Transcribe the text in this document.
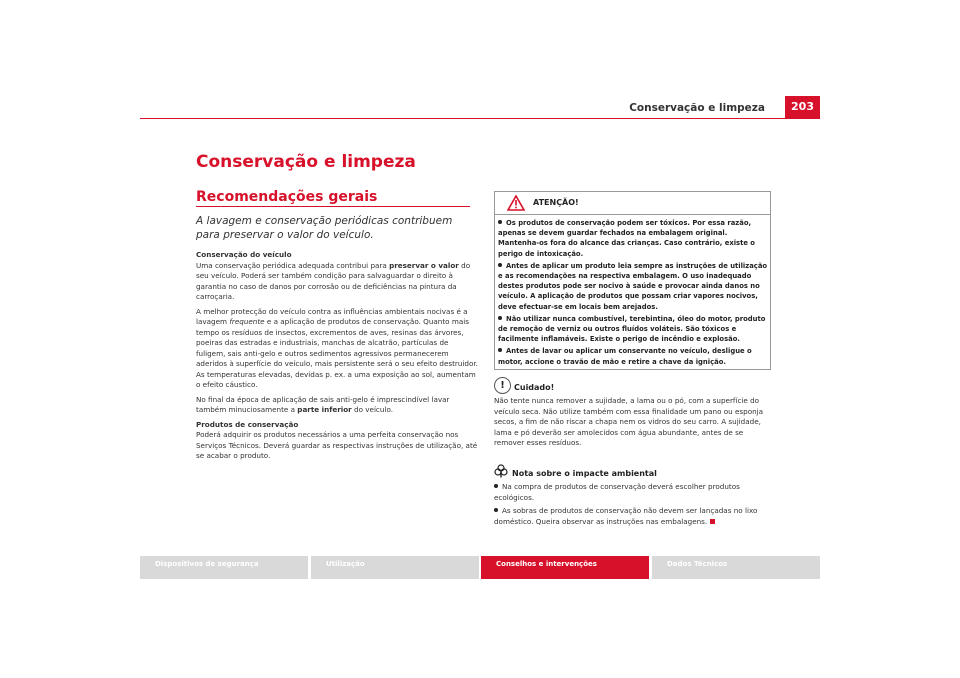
Conservação e limpeza	203
Conservação e limpeza
Recomendações gerais

A lavagem e conservação periódicas contribuem para preservar o valor do veículo.

Conservação do veículo

Uma conservação periódica adequada contribui para preservar o valor do seu veículo. Poderá ser também condição para salvaguardar o direito à garantia no caso de danos por corrosão ou de deficiências na pintura da carroçaria.

A melhor protecção do veículo contra as influências ambientais nocivas é a lavagem frequente e a aplicação de produtos de conservação. Quanto mais tempo os resíduos de insectos, excrementos de aves, resinas das árvores, poeiras das estradas e industriais, manchas de alcatrão, partículas de fuligem, sais anti-gelo e outros sedimentos agressivos permanecerem aderidos à superfície do veículo, mais persistente será o seu efeito destruidor. As temperaturas elevadas, devidas p. ex. a uma exposição ao sol, aumentam o efeito cáustico.

No final da época de aplicação de sais anti-gelo é imprescindível lavar também minuciosamente a parte inferior do veículo.

Produtos de conservação

Poderá adquirir os produtos necessários a uma perfeita conservação nos Serviços Técnicos. Deverá guardar as respectivas instruções de utilização, até se acabar o produto.

ATENÇÃO!
Os produtos de conservação podem ser tóxicos. Por essa razão, apenas se devem guardar fechados na embalagem original. Mantenha-os fora do alcance das crianças. Caso contrário, existe o perigo de intoxicação.
Antes de aplicar um produto leia sempre as instruções de utilização e as recomendações na respectiva embalagem. O uso inadequado destes produtos pode ser nocivo à saúde e provocar ainda danos no veículo. A aplicação de produtos que possam criar vapores nocivos, deve efectuar-se em locais bem arejados.
Não utilizar nunca combustível, terebintina, óleo do motor, produto de remoção de verniz ou outros fluídos voláteis. São tóxicos e facilmente inflamáveis. Existe o perigo de incêndio e explosão.
Antes de lavar ou aplicar um conservante no veículo, desligue o motor, accione o travão de mão e retire a chave da ignição.
!	Cuidado!

Não tente nunca remover a sujidade, a lama ou o pó, com a superfície do veículo seca. Não utilize também com essa finalidade um pano ou esponja secos, a fim de não riscar a chapa nem os vidros do seu carro. A sujidade, lama e pó deverão ser amolecidos com água abundante, antes de se remover esses resíduos.

Nota sobre o impacte ambiental
Na compra de produtos de conservação deverá escolher produtos ecológicos.
As sobras de produtos de conservação não devem ser lançadas no lixo doméstico. Queira observar as instruções nas embalagens.
Dispositivos de segurança	Utilização	Conselhos e intervenções	Dados Técnicos
